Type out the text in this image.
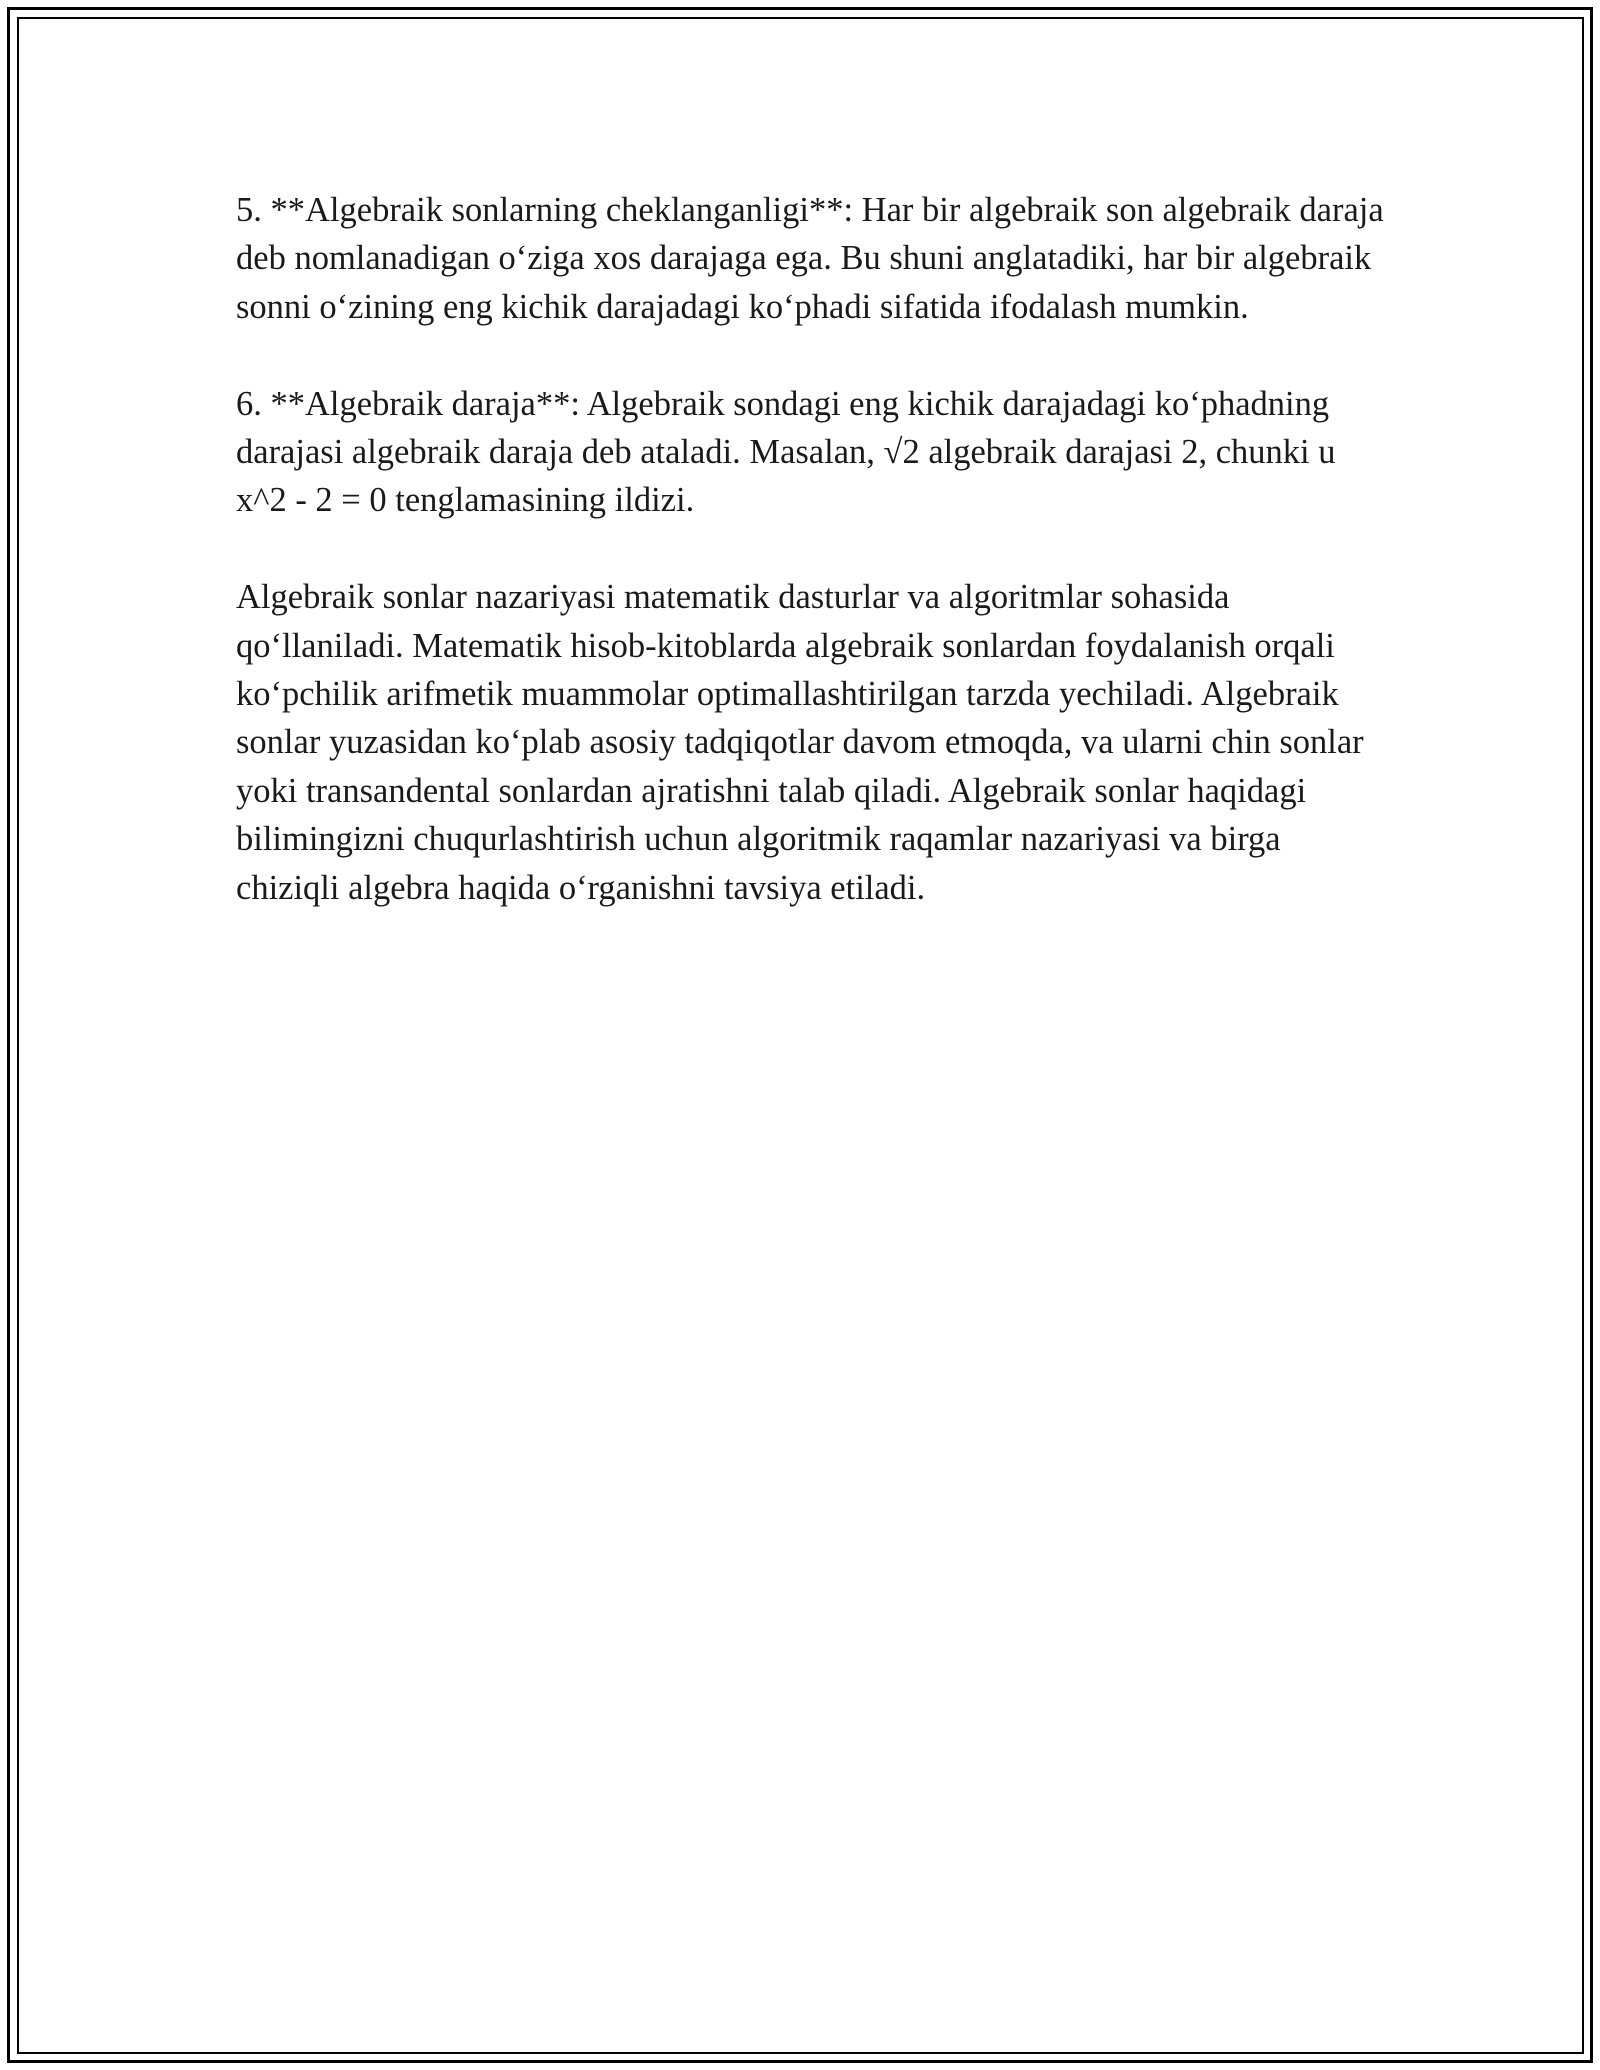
5. **Algebraik sonlarning cheklanganligi**: Har bir algebraik son algebraik daraja deb nomlanadigan o‘ziga xos darajaga ega. Bu shuni anglatadiki, har bir algebraik sonni o‘zining eng kichik darajadagi ko‘phadi sifatida ifodalash mumkin.

6. **Algebraik daraja**: Algebraik sondagi eng kichik darajadagi ko‘phadning darajasi algebraik daraja deb ataladi. Masalan, √2 algebraik darajasi 2, chunki u x^2 - 2 = 0 tenglamasining ildizi.

Algebraik sonlar nazariyasi matematik dasturlar va algoritmlar sohasida qo‘llaniladi. Matematik hisob-kitoblarda algebraik sonlardan foydalanish orqali ko‘pchilik arifmetik muammolar optimallashtirilgan tarzda yechiladi. Algebraik sonlar yuzasidan ko‘plab asosiy tadqiqotlar davom etmoqda, va ularni chin sonlar yoki transandental sonlardan ajratishni talab qiladi. Algebraik sonlar haqidagi bilimingizni chuqurlashtirish uchun algoritmik raqamlar nazariyasi va birga chiziqli algebra haqida o‘rganishni tavsiya etiladi.
